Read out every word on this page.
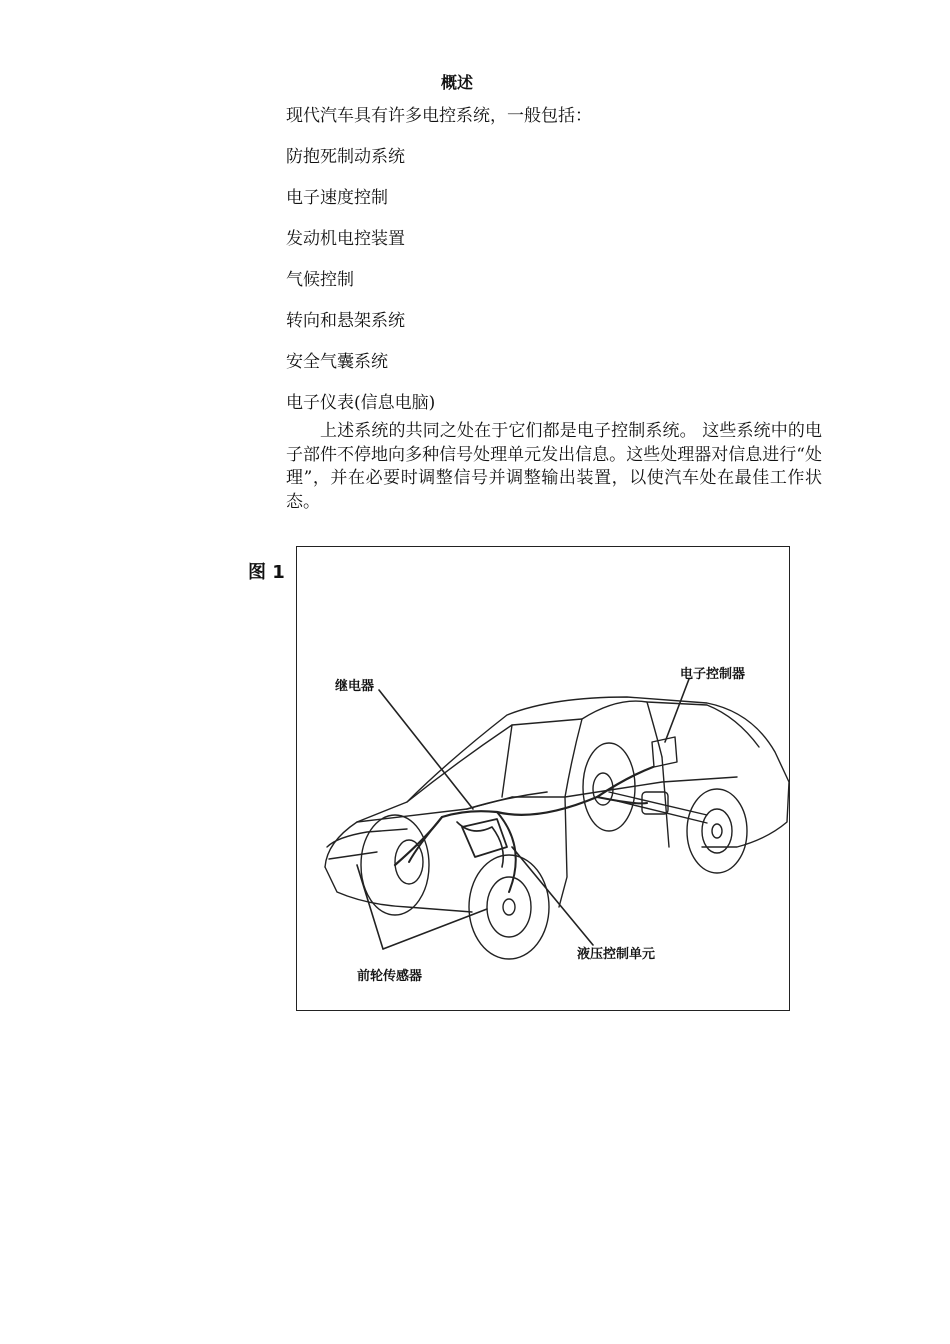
概述
现代汽车具有许多电控系统，一般包括：
防抱死制动系统
电子速度控制
发动机电控装置
气候控制
转向和悬架系统
安全气囊系统
电子仪表(信息电脑)

上述系统的共同之处在于它们都是电子控制系统。 这些系统中的电子部件不停地向多种信号处理单元发出信息。这些处理器对信息进行“处理”，并在必要时调整信号并调整输出装置，以使汽车处在最佳工作状态。

图 1
继电器
电子控制器
前轮传感器
液压控制单元
